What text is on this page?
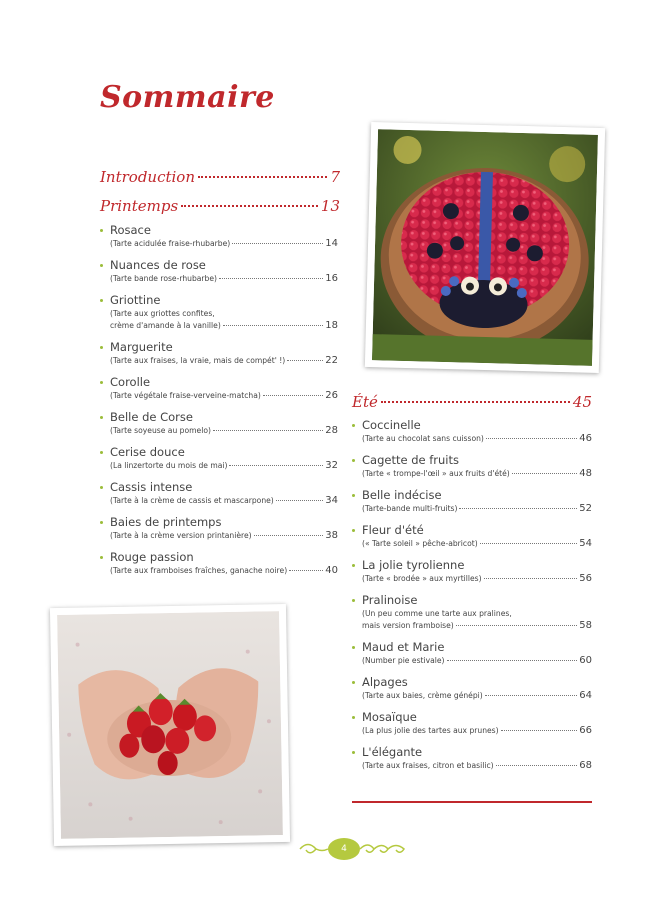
Sommaire
Introduction	7
Printemps	13
Rosace
(Tarte acidulée fraise-rhubarbe)	14
Nuances de rose
(Tarte bande rose-rhubarbe)	16
Griottine
(Tarte aux griottes confites,
crème d'amande à la vanille)	18
Marguerite
(Tarte aux fraises, la vraie, mais de compét' !)	22
Corolle
(Tarte végétale fraise-verveine-matcha)	26
Belle de Corse
(Tarte soyeuse au pomelo)	28
Cerise douce
(La linzertorte du mois de mai)	32
Cassis intense
(Tarte à la crème de cassis et mascarpone)	34
Baies de printemps
(Tarte à la crème version printanière)	38
Rouge passion
(Tarte aux framboises fraîches, ganache noire)	40
Été	45
Coccinelle
(Tarte au chocolat sans cuisson)	46
Cagette de fruits
(Tarte « trompe-l'œil » aux fruits d'été)	48
Belle indécise
(Tarte-bande multi-fruits)	52
Fleur d'été
(« Tarte soleil » pêche-abricot)	54
La jolie tyrolienne
(Tarte « brodée » aux myrtilles)	56
Pralinoise
(Un peu comme une tarte aux pralines,
mais version framboise)	58
Maud et Marie
(Number pie estivale)	60
Alpages
(Tarte aux baies, crème génépi)	64
Mosaïque
(La plus jolie des tartes aux prunes)	66
L'élégante
(Tarte aux fraises, citron et basilic)	68
4
